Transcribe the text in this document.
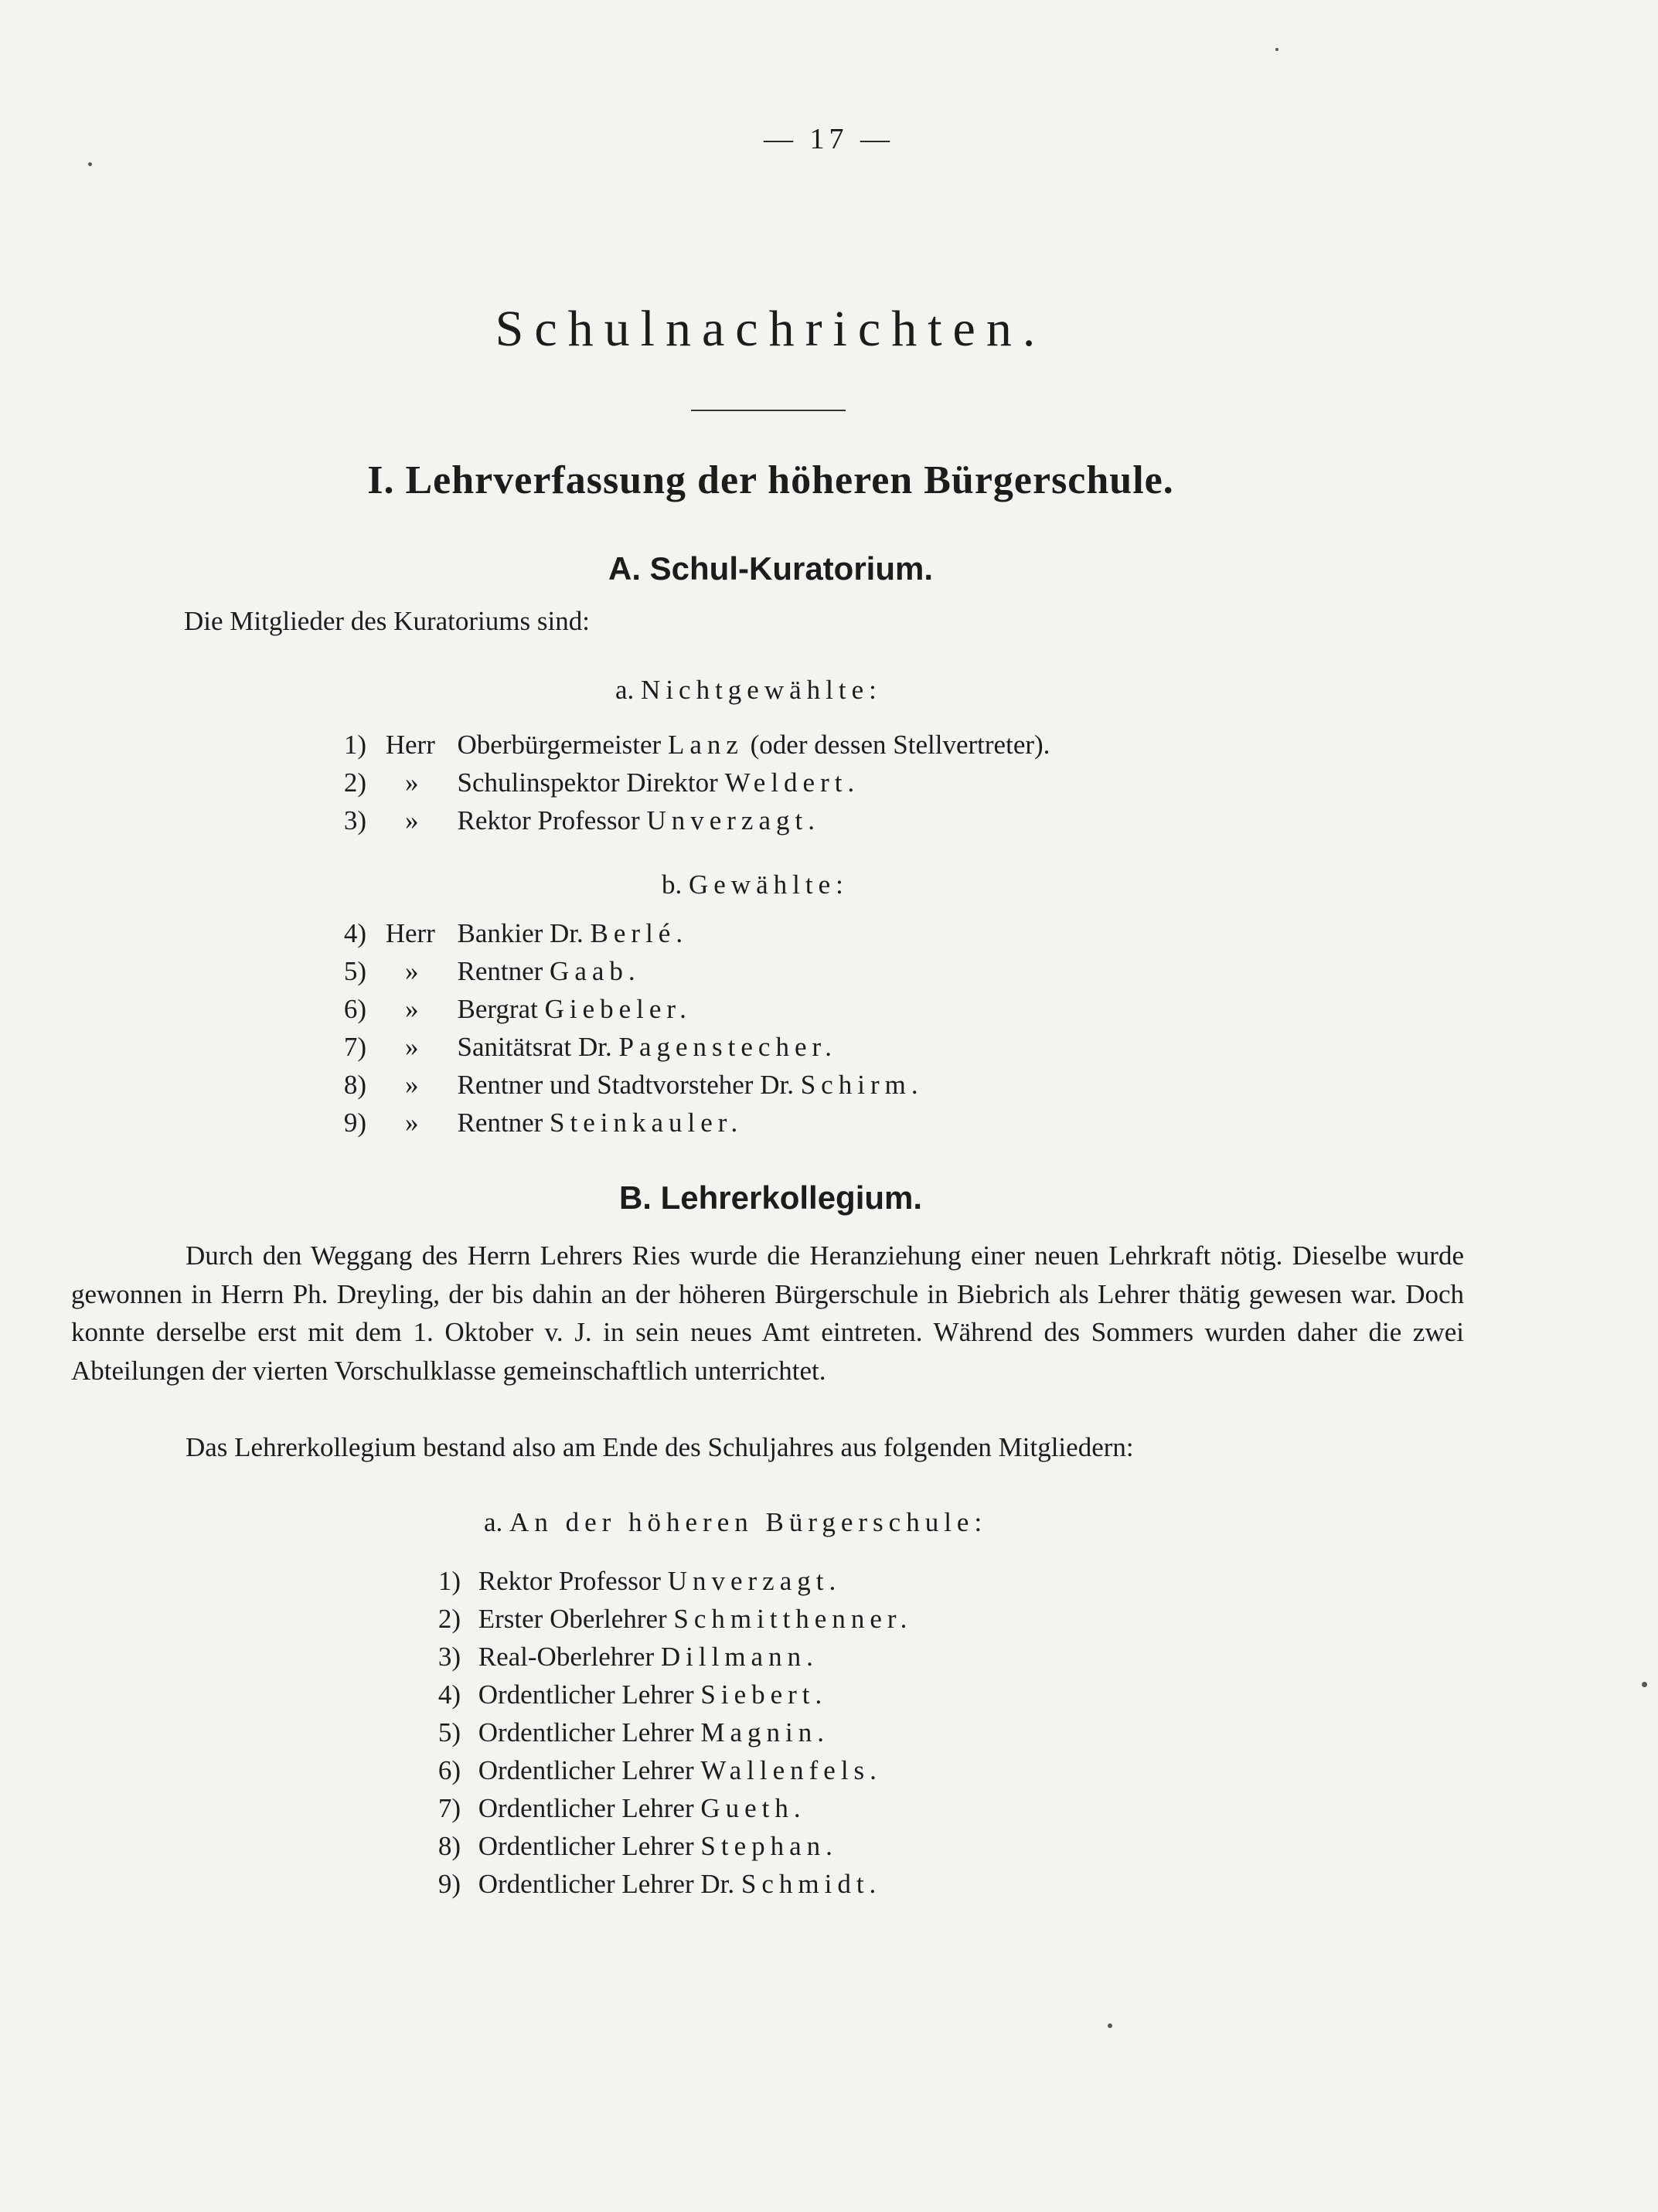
— 17 —
Schulnachrichten.
I. Lehrverfassung der höheren Bürgerschule.
A. Schul-Kuratorium.
Die Mitglieder des Kuratoriums sind:
a. Nichtgewählte:
1) Herr Oberbürgermeister Lanz (oder dessen Stellvertreter).
2) » Schulinspektor Direktor Weldert.
3) » Rektor Professor Unverzagt.
b. Gewählte:
4) Herr Bankier Dr. Berlé.
5) » Rentner Gaab.
6) » Bergrat Giebeler.
7) » Sanitätsrat Dr. Pagenstecher.
8) » Rentner und Stadtvorsteher Dr. Schirm.
9) » Rentner Steinkauler.
B. Lehrerkollegium.
Durch den Weggang des Herrn Lehrers Ries wurde die Heranziehung einer neuen Lehrkraft nötig. Dieselbe wurde gewonnen in Herrn Ph. Dreyling, der bis dahin an der höheren Bürgerschule in Biebrich als Lehrer thätig gewesen war. Doch konnte derselbe erst mit dem 1. Oktober v. J. in sein neues Amt eintreten. Während des Sommers wurden daher die zwei Abteilungen der vierten Vorschulklasse gemeinschaftlich unterrichtet.
Das Lehrerkollegium bestand also am Ende des Schuljahres aus folgenden Mitgliedern:
a. An der höheren Bürgerschule:
1) Rektor Professor Unverzagt.
2) Erster Oberlehrer Schmitthenner.
3) Real-Oberlehrer Dillmann.
4) Ordentlicher Lehrer Siebert.
5) Ordentlicher Lehrer Magnin.
6) Ordentlicher Lehrer Wallenfels.
7) Ordentlicher Lehrer Gueth.
8) Ordentlicher Lehrer Stephan.
9) Ordentlicher Lehrer Dr. Schmidt.
